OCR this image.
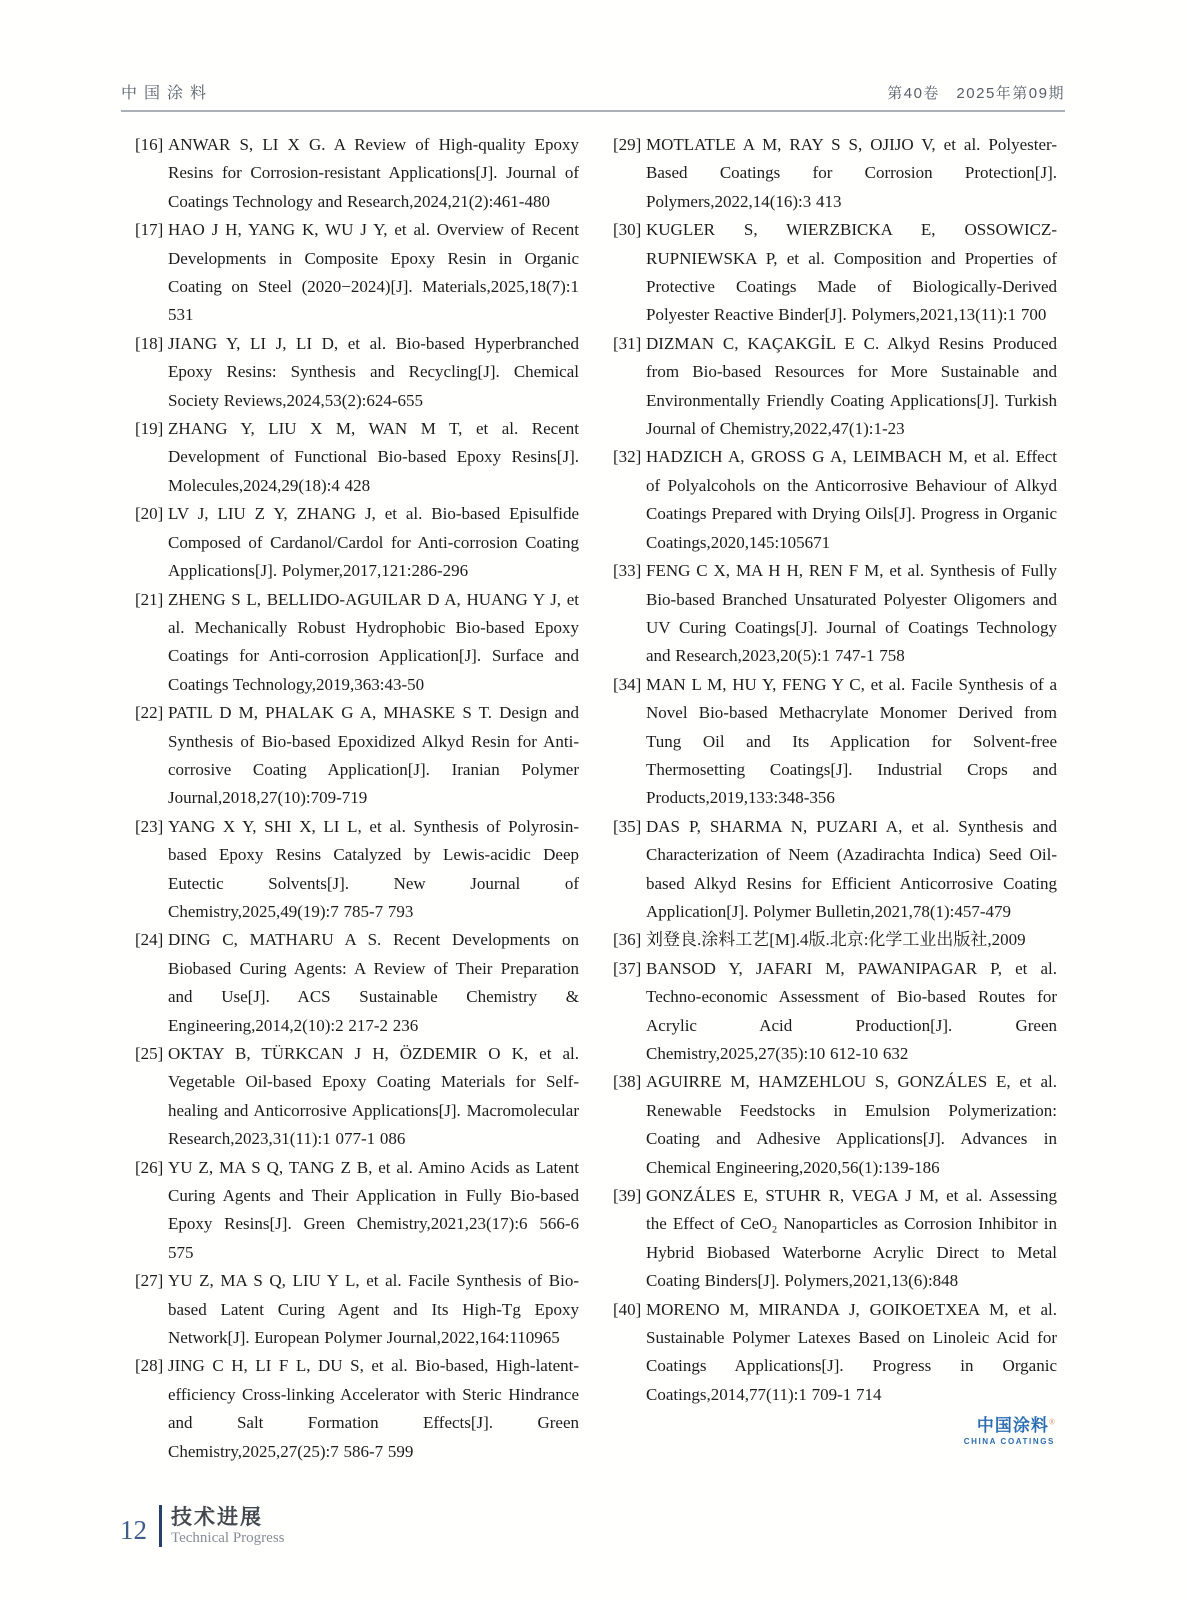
中国涂料	第40卷　2025年第09期

[16] ANWAR S, LI X G. A Review of High-quality Epoxy Resins for Corrosion-resistant Applications[J]. Journal of Coatings Technology and Research,2024,21(2):461-480

[17] HAO J H, YANG K, WU J Y, et al. Overview of Recent Developments in Composite Epoxy Resin in Organic Coating on Steel (2020−2024)[J]. Materials,2025,18(7):1 531

[18] JIANG Y, LI J, LI D, et al. Bio-based Hyperbranched Epoxy Resins: Synthesis and Recycling[J]. Chemical Society Reviews,2024,53(2):624-655

[19] ZHANG Y, LIU X M, WAN M T, et al. Recent Development of Functional Bio-based Epoxy Resins[J]. Molecules,2024,29(18):4 428

[20] LV J, LIU Z Y, ZHANG J, et al. Bio-based Episulfide Composed of Cardanol/Cardol for Anti-corrosion Coating Applications[J]. Polymer,2017,121:286-296

[21] ZHENG S L, BELLIDO-AGUILAR D A, HUANG Y J, et al. Mechanically Robust Hydrophobic Bio-based Epoxy Coatings for Anti-corrosion Application[J]. Surface and Coatings Technology,2019,363:43-50

[22] PATIL D M, PHALAK G A, MHASKE S T. Design and Synthesis of Bio-based Epoxidized Alkyd Resin for Anti-corrosive Coating Application[J]. Iranian Polymer Journal,2018,27(10):709-719

[23] YANG X Y, SHI X, LI L, et al. Synthesis of Polyrosin-based Epoxy Resins Catalyzed by Lewis-acidic Deep Eutectic Solvents[J]. New Journal of Chemistry,2025,49(19):7 785-7 793

[24] DING C, MATHARU A S. Recent Developments on Biobased Curing Agents: A Review of Their Preparation and Use[J]. ACS Sustainable Chemistry & Engineering,2014,2(10):2 217-2 236

[25] OKTAY B, TÜRKCAN J H, ÖZDEMIR O K, et al. Vegetable Oil-based Epoxy Coating Materials for Self-healing and Anticorrosive Applications[J]. Macromolecular Research,2023,31(11):1 077-1 086

[26] YU Z, MA S Q, TANG Z B, et al. Amino Acids as Latent Curing Agents and Their Application in Fully Bio-based Epoxy Resins[J]. Green Chemistry,2021,23(17):6 566-6 575

[27] YU Z, MA S Q, LIU Y L, et al. Facile Synthesis of Bio-based Latent Curing Agent and Its High-Tg Epoxy Network[J]. European Polymer Journal,2022,164:110965

[28] JING C H, LI F L, DU S, et al. Bio-based, High-latent-efficiency Cross-linking Accelerator with Steric Hindrance and Salt Formation Effects[J]. Green Chemistry,2025,27(25):7 586-7 599

[29] MOTLATLE A M, RAY S S, OJIJO V, et al. Polyester-Based Coatings for Corrosion Protection[J]. Polymers,2022,14(16):3 413

[30] KUGLER S, WIERZBICKA E, OSSOWICZ-RUPNIEWSKA P, et al. Composition and Properties of Protective Coatings Made of Biologically-Derived Polyester Reactive Binder[J]. Polymers,2021,13(11):1 700

[31] DIZMAN C, KAÇAKGİL E C. Alkyd Resins Produced from Bio-based Resources for More Sustainable and Environmentally Friendly Coating Applications[J]. Turkish Journal of Chemistry,2022,47(1):1-23

[32] HADZICH A, GROSS G A, LEIMBACH M, et al. Effect of Polyalcohols on the Anticorrosive Behaviour of Alkyd Coatings Prepared with Drying Oils[J]. Progress in Organic Coatings,2020,145:105671

[33] FENG C X, MA H H, REN F M, et al. Synthesis of Fully Bio-based Branched Unsaturated Polyester Oligomers and UV Curing Coatings[J]. Journal of Coatings Technology and Research,2023,20(5):1 747-1 758

[34] MAN L M, HU Y, FENG Y C, et al. Facile Synthesis of a Novel Bio-based Methacrylate Monomer Derived from Tung Oil and Its Application for Solvent-free Thermosetting Coatings[J]. Industrial Crops and Products,2019,133:348-356

[35] DAS P, SHARMA N, PUZARI A, et al. Synthesis and Characterization of Neem (Azadirachta Indica) Seed Oil-based Alkyd Resins for Efficient Anticorrosive Coating Application[J]. Polymer Bulletin,2021,78(1):457-479

[36] 刘登良.涂料工艺[M].4版.北京:化学工业出版社,2009

[37] BANSOD Y, JAFARI M, PAWANIPAGAR P, et al. Techno-economic Assessment of Bio-based Routes for Acrylic Acid Production[J]. Green Chemistry,2025,27(35):10 612-10 632

[38] AGUIRRE M, HAMZEHLOU S, GONZÁLES E, et al. Renewable Feedstocks in Emulsion Polymerization: Coating and Adhesive Applications[J]. Advances in Chemical Engineering,2020,56(1):139-186

[39] GONZÁLES E, STUHR R, VEGA J M, et al. Assessing the Effect of CeO₂ Nanoparticles as Corrosion Inhibitor in Hybrid Biobased Waterborne Acrylic Direct to Metal Coating Binders[J]. Polymers,2021,13(6):848

[40] MORENO M, MIRANDA J, GOIKOETXEA M, et al. Sustainable Polymer Latexes Based on Linoleic Acid for Coatings Applications[J]. Progress in Organic Coatings,2014,77(11):1 709-1 714

中国涂料®
CHINA COATINGS
12 技术进展
Technical Progress
